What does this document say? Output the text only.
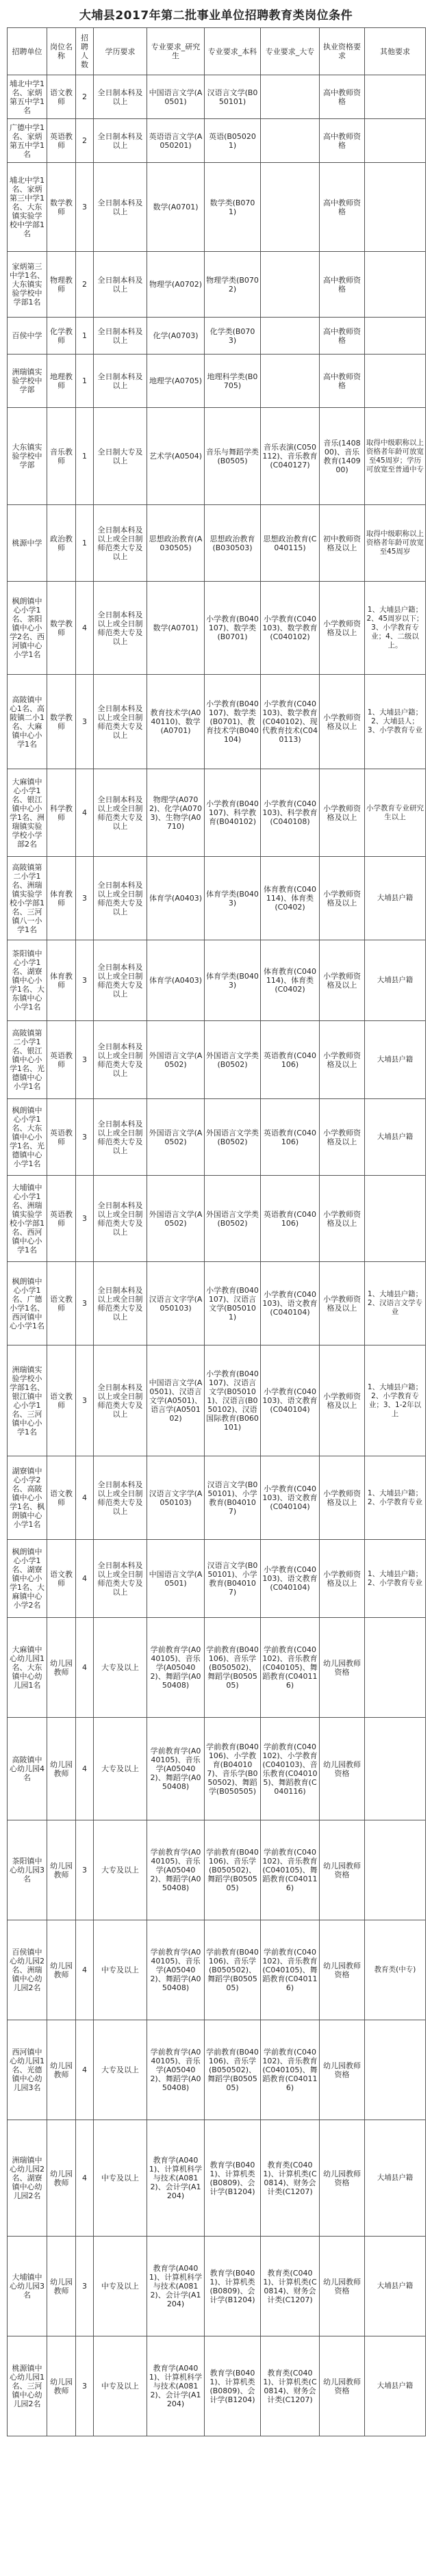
大埔县2017年第二批事业单位招聘教育类岗位条件
招聘单位	岗位名称	招聘人数	学历要求	专业要求_研究生	专业要求_本科	专业要求_大专	执业资格要求	其他要求
埔北中学1名、家炳第五中学1名	语文教师	2	全日制本科及以上	中国语言文学(A0501)	汉语言文学(B050101)		高中教师资格	
广德中学1名、家炳第五中学1名	英语教师	2	全日制本科及以上	英语语言文学(A050201)	英语(B050201)		高中教师资格	
埔北中学1名、家炳第三中学1名、大东镇实验学校中学部1名	数学教师	3	全日制本科及以上	数学(A0701)	数学类(B0701)		高中教师资格	
家炳第三中学1名、大东镇实验学校中学部1名	物理教师	2	全日制本科及以上	物理学(A0702)	物理学类(B0702)		高中教师资格	
百侯中学	化学教师	1	全日制本科及以上	化学(A0703)	化学类(B0703)		高中教师资格	
洲瑞镇实验学校中学部	地理教师	1	全日制本科及以上	地理学(A0705)	地理科学类(B0705)		高中教师资格	
大东镇实验学校中学部	音乐教师	1	全日制大专及以上	艺术学(A0504)	音乐与舞蹈学类(B0505)	音乐表演(C050112)、音乐教育(C040127)	音乐(140800)、音乐教育(140900)	取得中级职称以上资格者年龄可放宽至45周岁；学历可放宽至普通中专
桃源中学	政治教师	1	全日制本科及以上或全日制师范类大专及以上	思想政治教育(A030505)	思想政治教育(B030503)	思想政治教育(C040115)	初中教师资格及以上	取得中级职称以上资格者年龄可放宽至45周岁
枫朗镇中心小学1名、茶阳镇中心小学2名、西河镇中心小学1名	数学教师	4	全日制本科及以上或全日制师范类大专及以上	数学(A0701)	小学教育(B040107)、数学类(B0701)	小学教育(C040103)、数学教育(C040102)	小学教师资格及以上	1、大埔县户籍；2、45周岁以下；3、小学教育专业；4、二级以上。
高陂镇中心1名、高陂镇二小1名、大麻镇中心小学1名	数学教师	3	全日制本科及以上或全日制师范类大专及以上	教育技术学(A040110)、数学(A0701)	小学教育(B040107)、数学类(B0701)、教育技术学(B040104)	小学教育(C040103)、数学教育(C040102)、现代教育技术(C040113)	小学教师资格及以上	1、大埔县户籍；2、大埔县人；3、小学教育专业
大麻镇中心小学1名、银江镇中心小学1名、洲瑞镇实验学校小学部2名	科学教师	4	全日制本科及以上或全日制师范类大专及以上	物理学(A0702)、化学(A0703)、生物学(A0710)	小学教育(B040107)、科学教育(B040102)	小学教育(C040103)、科学教育(C040108)	小学教师资格及以上	小学教育专业研究生以上
高陂镇第二小学1名、洲瑞镇实验学校小学部1名、三河镇八一小学1名	体育教师	3	全日制本科及以上或全日制师范类大专及以上	体育学(A0403)	体育学类(B0403)	体育教育(C040114)、体育类(C0402)	小学教师资格及以上	大埔县户籍
茶阳镇中心小学1名、湖寮镇中心小学1名、大东镇中心小学1名	体育教师	3	全日制本科及以上或全日制师范类大专及以上	体育学(A0403)	体育学类(B0403)	体育教育(C040114)、体育类(C0402)	小学教师资格及以上	大埔县户籍
高陂镇第二小学1名、银江镇中心小学1名、光德镇中心小学1名	英语教师	3	全日制本科及以上或全日制师范类大专及以上	外国语言文学(A0502)	外国语言文学类(B0502)	英语教育(C040106)	小学教师资格及以上	大埔县户籍
枫朗镇中心小学1名、大东镇中心小学1名、光德镇中心小学1名	英语教师	3	全日制本科及以上或全日制师范类大专及以上	外国语言文学(A0502)	外国语言文学类(B0502)	英语教育(C040106)	小学教师资格及以上	大埔县户籍
大埔镇中心小学1名、洲瑞镇实验学校小学部1名、西河镇中心小学1名	英语教师	3	全日制本科及以上或全日制师范类大专及以上	外国语言文学(A0502)	外国语言文学类(B0502)	英语教育(C040106)	小学教师资格及以上	
枫朗镇中心小学1名、广德小学1名、西河镇中心小学1名	语文教师	3	全日制本科及以上或全日制师范类大专及以上	汉语言文字学(A050103)	小学教育(B040107)、汉语言文学(B050101)	小学教育(C040103)、语文教育(C040104)	小学教师资格及以上	1、大埔县户籍；2、汉语言文学专业
洲瑞镇实验学校小学部1名、银江镇中心小学1名、三河镇中心小学1名	语文教师	3	全日制本科及以上或全日制师范类大专及以上	中国语言文学(A0501)、汉语言文学(A0501)、语言学(A050102)	小学教育(B040107)、汉语言文学(B050101)、汉语言(B050102)、汉语国际教育(B060101)	小学教育(C040103)、语文教育(C040104)	小学教师资格及以上	1、大埔县户籍；2、小学教育专业；3、1-2年以上
湖寮镇中心小学2名、高陂镇中心小学1名、枫朗镇中心小学1名	语文教师	4	全日制本科及以上或全日制师范类大专及以上	汉语言文字学(A050103)	汉语言文学(B050101)、小学教育(B040107)	小学教育(C040103)、语文教育(C040104)	小学教师资格及以上	1、大埔县户籍；2、小学教育专业
枫朗镇中心小学1名、湖寮镇中心小学1名、大麻镇中心小学2名	语文教师	4	全日制本科及以上或全日制师范类大专及以上	中国语言文学(A0501)	汉语言文学(B050101)、小学教育(B040107)	小学教育(C040103)、语文教育(C040104)	小学教师资格及以上	1、大埔县户籍；2、小学教育专业
大麻镇中心幼儿园1名、大东镇中心幼儿园1名	幼儿园教师	4	大专及以上	学前教育学(A040105)、音乐学(A050402)、舞蹈学(A050408)	学前教育(B040106)、音乐学(B050502)、舞蹈学(B050505)	学前教育(C040102)、音乐教育(C040105)、舞蹈教育(C040116)	幼儿园教师资格	
高陂镇中心幼儿园4名	幼儿园教师	4	大专及以上	学前教育学(A040105)、音乐学(A050402)、舞蹈学(A050408)	学前教育(B040106)、小学教育(B040107)、音乐学(B050502)、舞蹈学(B050505)	学前教育(C040102)、小学教育(C040103)、音乐教育(C040105)、舞蹈教育(C040116)	幼儿园教师资格	
茶阳镇中心幼儿园3名	幼儿园教师	3	大专及以上	学前教育学(A040105)、音乐学(A050402)、舞蹈学(A050408)	学前教育(B040106)、音乐学(B050502)、舞蹈学(B050505)	学前教育(C040102)、音乐教育(C040105)、舞蹈教育(C040116)	幼儿园教师资格	
百侯镇中心幼儿园2名、洲瑞镇中心幼儿园2名	幼儿园教师	4	中专及以上	学前教育学(A040105)、音乐学(A050402)、舞蹈学(A050408)	学前教育(B040106)、音乐学(B050502)、舞蹈学(B050505)	学前教育(C040102)、音乐教育(C040105)、舞蹈教育(C040116)	幼儿园教师资格	教育类(中专)
西河镇中心幼儿园1名、光德镇中心幼儿园3名	幼儿园教师	4	大专及以上	学前教育学(A040105)、音乐学(A050402)、舞蹈学(A050408)	学前教育(B040106)、音乐学(B050502)、舞蹈学(B050505)	学前教育(C040102)、音乐教育(C040105)、舞蹈教育(C040116)	幼儿园教师资格	
洲瑞镇中心幼儿园2名、湖寮镇中心幼儿园2名	幼儿园教师	4	中专及以上	教育学(A0401)、计算机科学与技术(A0812)、会计学(A1204)	教育学(B0401)、计算机类(B0809)、会计学(B1204)	教育类(C0401)、计算机类(C0814)、财务会计类(C1207)	幼儿园教师资格	大埔县户籍
大埔镇中心幼儿园3名	幼儿园教师	3	中专及以上	教育学(A0401)、计算机科学与技术(A0812)、会计学(A1204)	教育学(B0401)、计算机类(B0809)、会计学(B1204)	教育类(C0401)、计算机类(C0814)、财务会计类(C1207)	幼儿园教师资格	大埔县户籍
桃源镇中心幼儿园1名、三河镇中心幼儿园2名	幼儿园教师	3	中专及以上	教育学(A0401)、计算机科学与技术(A0812)、会计学(A1204)	教育学(B0401)、计算机类(B0809)、会计学(B1204)	教育类(C0401)、计算机类(C0814)、财务会计类(C1207)	幼儿园教师资格	大埔县户籍
